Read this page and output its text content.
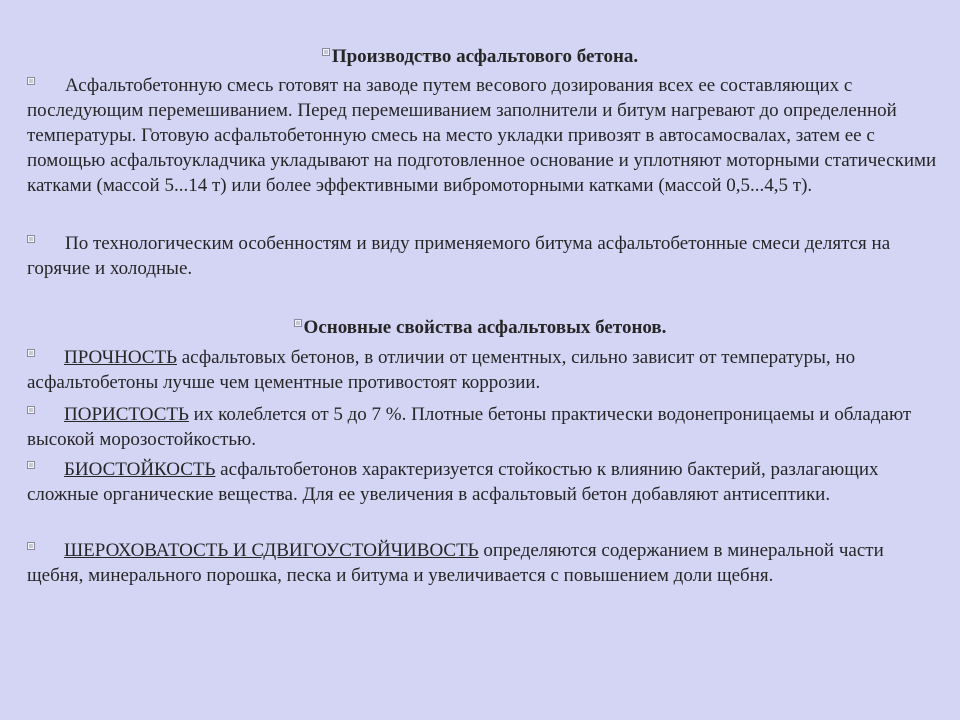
Производство асфальтового бетона.

Асфальтобетонную смесь готовят на заводе путем весового дозирования всех ее составляющих с последующим перемешиванием. Перед перемешиванием заполнители и битум нагревают до определенной температуры. Готовую асфальтобетонную смесь на место укладки привозят в автосамосвалах, затем ее с помощью асфальтоукладчика укладывают на подготовленное основание и уплотняют моторными статическими катками (массой 5...14 т) или более эффективными вибромоторными катками (массой 0,5...4,5 т).

По технологическим особенностям и виду применяемого битума асфальтобетонные смеси делятся на горячие и холодные.

Основные свойства асфальтовых бетонов.

ПРОЧНОСТЬ асфальтовых бетонов, в отличии от цементных, сильно зависит от температуры, но асфальтобетоны лучше чем цементные противостоят коррозии.

ПОРИСТОСТЬ их колеблется от 5 до 7 %. Плотные бетоны практически водонепроницаемы и обладают высокой морозостойкостью.

БИОСТОЙКОСТЬ асфальтобетонов характеризуется стойкостью к влиянию бактерий, разлагающих сложные органические вещества. Для ее увеличения в асфальтовый бетон добавляют антисептики.

ШЕРОХОВАТОСТЬ И СДВИГОУСТОЙЧИВОСТЬ определяются содержанием в минеральной части щебня, минерального порошка, песка и битума и увеличивается с повышением доли щебня.
